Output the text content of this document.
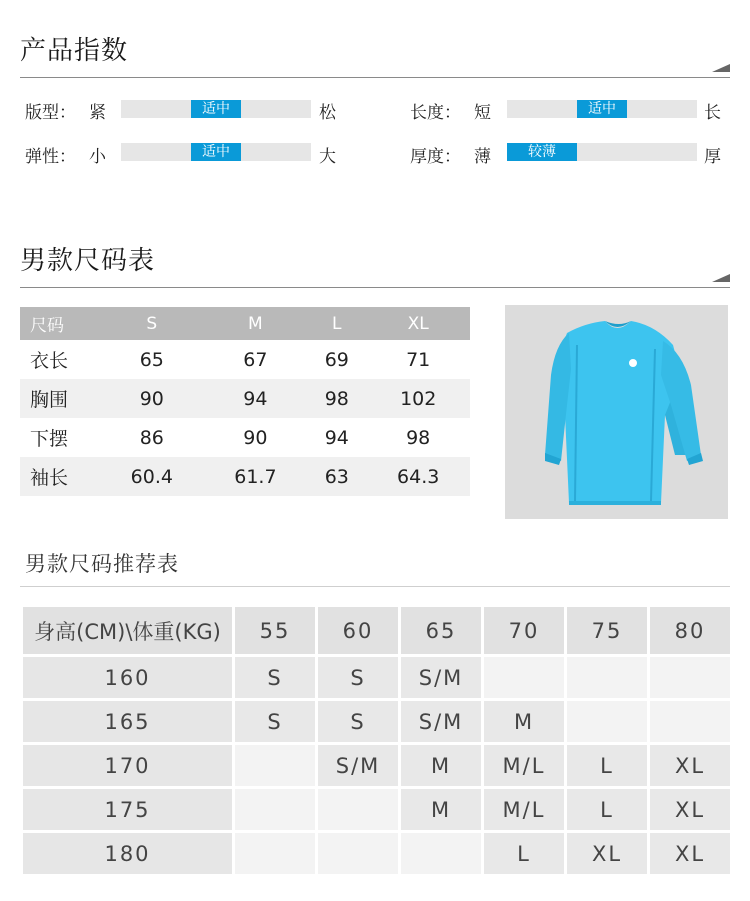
产品指数
版型： 紧	适中	松	长度： 短	适中	长
弹性： 小	适中	大	厚度： 薄	较薄	厚
男款尺码表
尺码	S	M	L	XL
衣长	65	67	69	71
胸围	90	94	98	102
下摆	86	90	94	98
袖长	60.4	61.7	63	64.3
男款尺码推荐表
身高(CM)\体重(KG)	55	60	65	70	75	80
160	S	S	S/M			
165	S	S	S/M	M		
170		S/M	M	M/L	L	XL
175			M	M/L	L	XL
180				L	XL	XL
